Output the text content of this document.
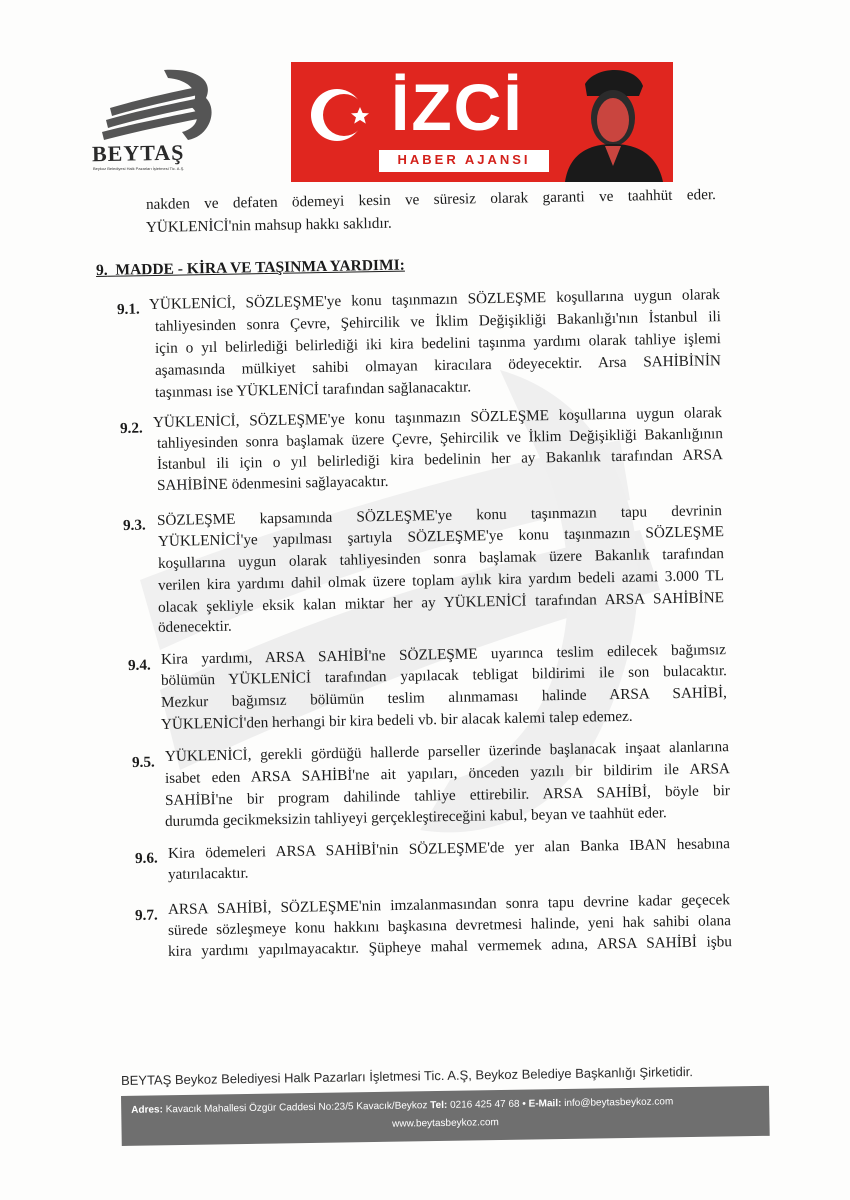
BEYTAŞ
Beykoz Belediyesi Halk Pazarları İşletmesi Tic. A.Ş.
İZCİ
HABER AJANSI
nakden ve defaten ödemeyi kesin ve süresiz olarak garanti ve taahhüt eder.
YÜKLENİCİ'nin mahsup hakkı saklıdır.
9. MADDE - KİRA VE TAŞINMA YARDIMI:
9.1. YÜKLENİCİ, SÖZLEŞME'ye konu taşınmazın SÖZLEŞME koşullarına uygun olarak
tahliyesinden sonra Çevre, Şehircilik ve İklim Değişikliği Bakanlığı'nın İstanbul ili
için o yıl belirlediği belirlediği iki kira bedelini taşınma yardımı olarak tahliye işlemi
aşamasında mülkiyet sahibi olmayan kiracılara ödeyecektir. Arsa SAHİBİNİN
taşınması ise YÜKLENİCİ tarafından sağlanacaktır.
9.2. YÜKLENİCİ, SÖZLEŞME'ye konu taşınmazın SÖZLEŞME koşullarına uygun olarak
tahliyesinden sonra başlamak üzere Çevre, Şehircilik ve İklim Değişikliği Bakanlığının
İstanbul ili için o yıl belirlediği kira bedelinin her ay Bakanlık tarafından ARSA
SAHİBİNE ödenmesini sağlayacaktır.
9.3. SÖZLEŞME kapsamında SÖZLEŞME'ye konu taşınmazın tapu devrinin
YÜKLENİCİ'ye yapılması şartıyla SÖZLEŞME'ye konu taşınmazın SÖZLEŞME
koşullarına uygun olarak tahliyesinden sonra başlamak üzere Bakanlık tarafından
verilen kira yardımı dahil olmak üzere toplam aylık kira yardım bedeli azami 3.000 TL
olacak şekliyle eksik kalan miktar her ay YÜKLENİCİ tarafından ARSA SAHİBİNE
ödenecektir.
9.4. Kira yardımı, ARSA SAHİBİ'ne SÖZLEŞME uyarınca teslim edilecek bağımsız
bölümün YÜKLENİCİ tarafından yapılacak tebligat bildirimi ile son bulacaktır.
Mezkur bağımsız bölümün teslim alınmaması halinde ARSA SAHİBİ,
YÜKLENİCİ'den herhangi bir kira bedeli vb. bir alacak kalemi talep edemez.
9.5. YÜKLENİCİ, gerekli gördüğü hallerde parseller üzerinde başlanacak inşaat alanlarına
isabet eden ARSA SAHİBİ'ne ait yapıları, önceden yazılı bir bildirim ile ARSA
SAHİBİ'ne bir program dahilinde tahliye ettirebilir. ARSA SAHİBİ, böyle bir
durumda gecikmeksizin tahliyeyi gerçekleştireceğini kabul, beyan ve taahhüt eder.
9.6. Kira ödemeleri ARSA SAHİBİ'nin SÖZLEŞME'de yer alan Banka IBAN hesabına
yatırılacaktır.
9.7. ARSA SAHİBİ, SÖZLEŞME'nin imzalanmasından sonra tapu devrine kadar geçecek
sürede sözleşmeye konu hakkını başkasına devretmesi halinde, yeni hak sahibi olana
kira yardımı yapılmayacaktır. Şüpheye mahal vermemek adına, ARSA SAHİBİ işbu
BEYTAŞ Beykoz Belediyesi Halk Pazarları İşletmesi Tic. A.Ş, Beykoz Belediye Başkanlığı Şirketidir.
Adres: Kavacık Mahallesi Özgür Caddesi No:23/5 Kavacık/Beykoz Tel: 0216 425 47 68 • E-Mail: info@beytasbeykoz.com
www.beytasbeykoz.com
